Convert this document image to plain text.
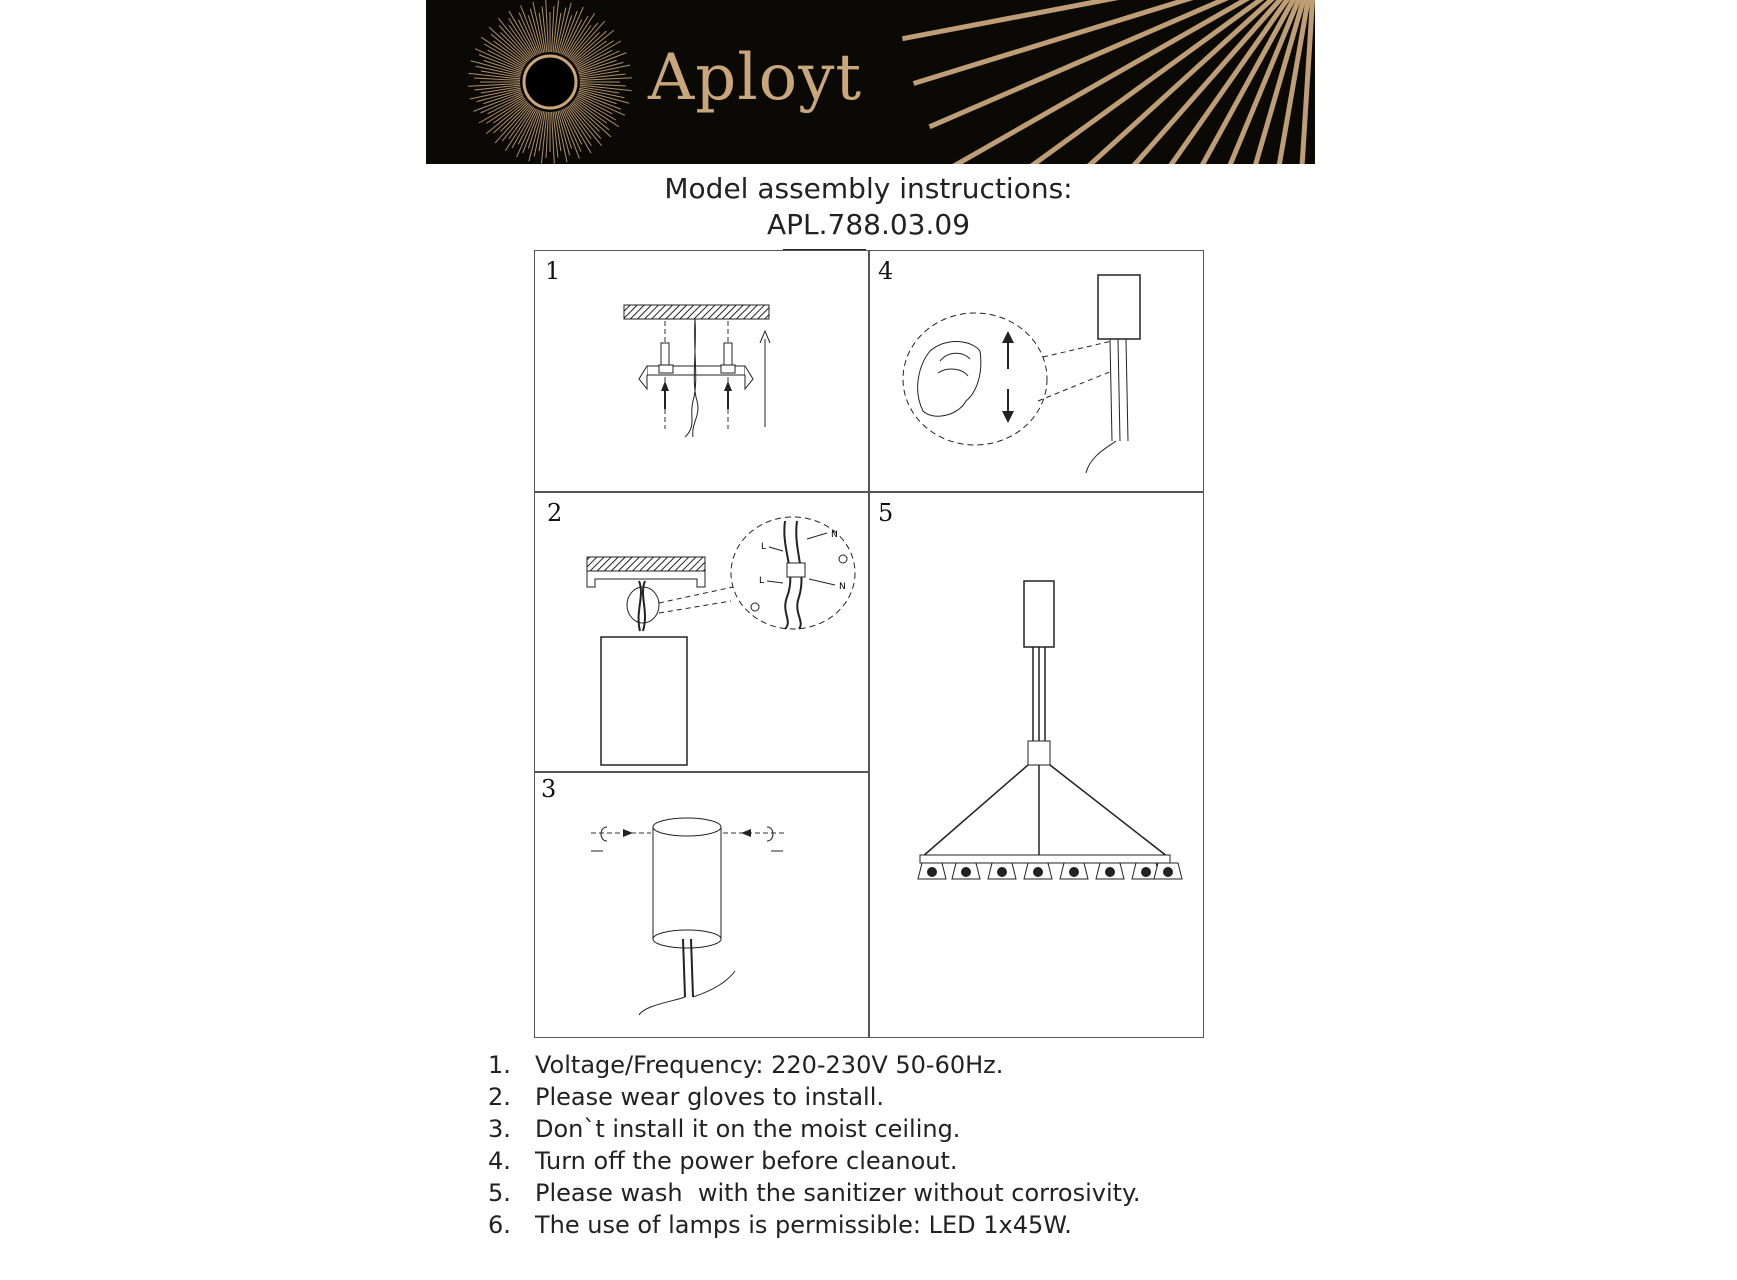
Aployt
Model assembly instructions:
APL.788.03.09
1	4
2
N
L
N
L
3
5
1. Voltage/Frequency: 220-230V 50-60Hz.
2. Please wear gloves to install.
3. Don`t install it on the moist ceiling.
4. Turn off the power before cleanout.
5. Please wash  with the sanitizer without corrosivity.
6. The use of lamps is permissible: LED 1x45W.
